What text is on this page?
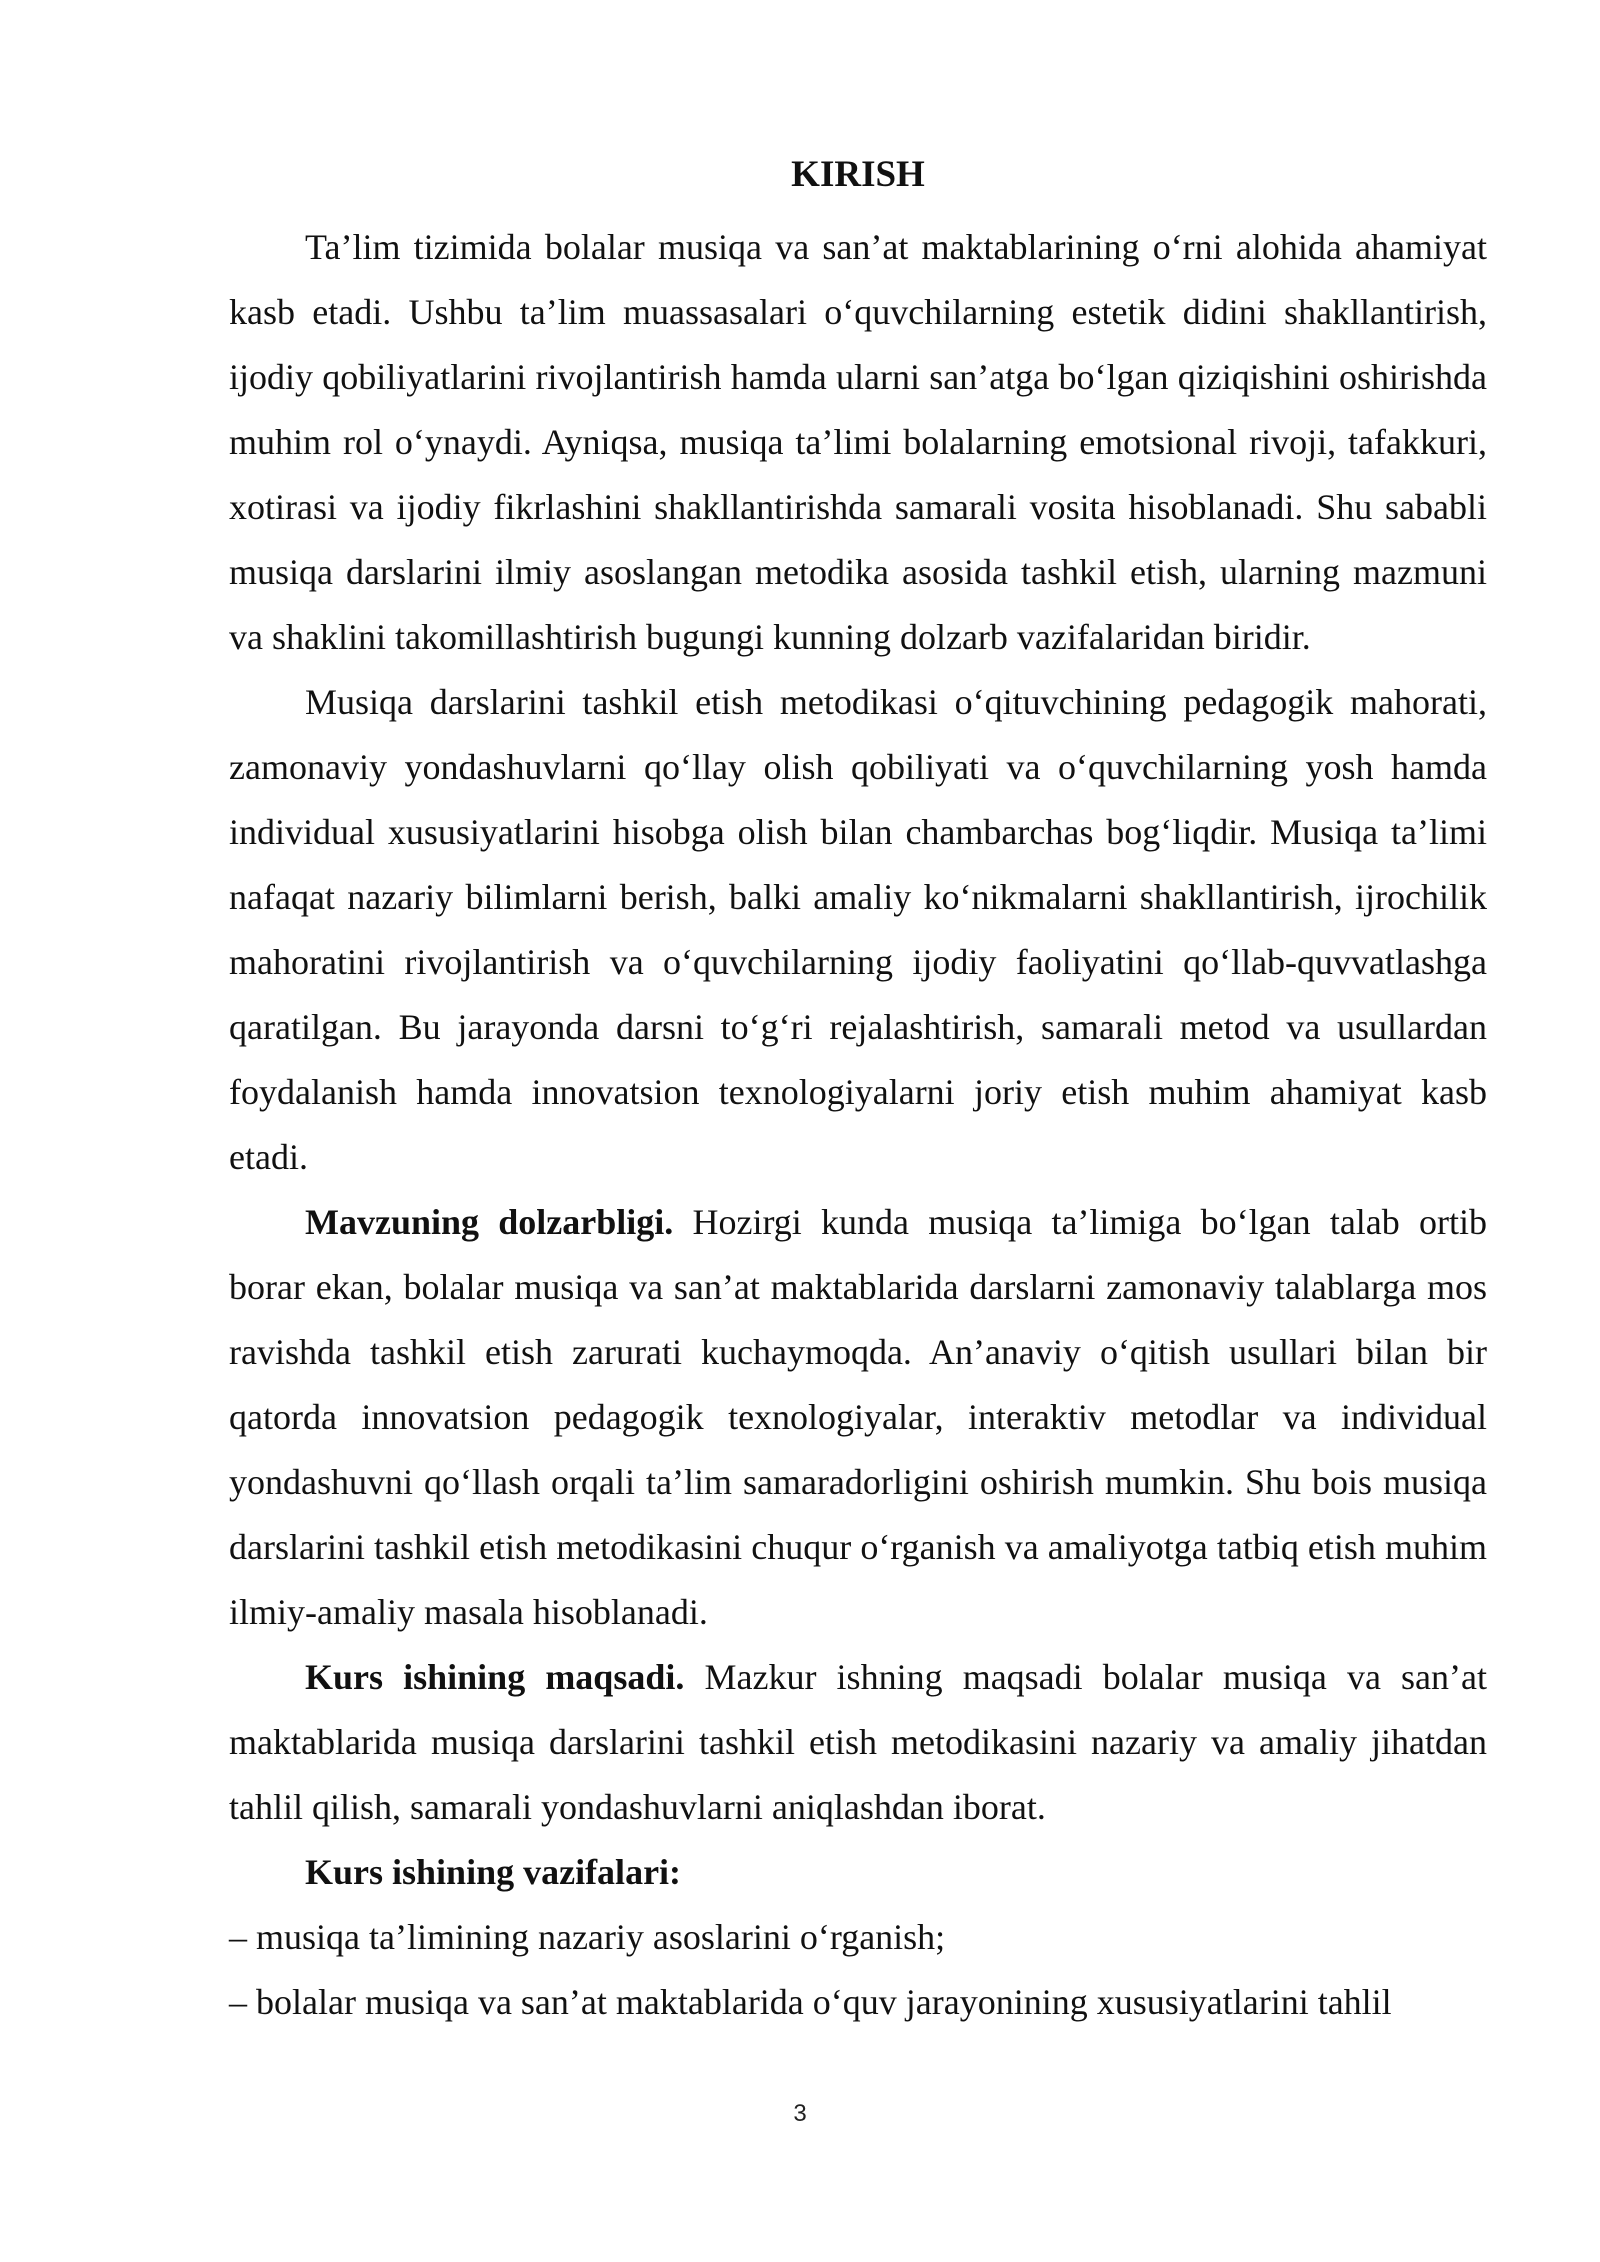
KIRISH

Ta’lim tizimida bolalar musiqa va san’at maktablarining o‘rni alohida ahamiyat kasb etadi. Ushbu ta’lim muassasalari o‘quvchilarning estetik didini shakllantirish, ijodiy qobiliyatlarini rivojlantirish hamda ularni san’atga bo‘lgan qiziqishini oshirishda muhim rol o‘ynaydi. Ayniqsa, musiqa ta’limi bolalarning emotsional rivoji, tafakkuri, xotirasi va ijodiy fikrlashini shakllantirishda samarali vosita hisoblanadi. Shu sababli musiqa darslarini ilmiy asoslangan metodika asosida tashkil etish, ularning mazmuni va shaklini takomillashtirish bugungi kunning dolzarb vazifalaridan biridir.

Musiqa darslarini tashkil etish metodikasi o‘qituvchining pedagogik mahorati, zamonaviy yondashuvlarni qo‘llay olish qobiliyati va o‘quvchilarning yosh hamda individual xususiyatlarini hisobga olish bilan chambarchas bog‘liqdir. Musiqa ta’limi nafaqat nazariy bilimlarni berish, balki amaliy ko‘nikmalarni shakllantirish, ijrochilik mahoratini rivojlantirish va o‘quvchilarning ijodiy faoliyatini qo‘llab-quvvatlashga qaratilgan. Bu jarayonda darsni to‘g‘ri rejalashtirish, samarali metod va usullardan foydalanish hamda innovatsion texnologiyalarni joriy etish muhim ahamiyat kasb etadi.

Mavzuning dolzarbligi. Hozirgi kunda musiqa ta’limiga bo‘lgan talab ortib borar ekan, bolalar musiqa va san’at maktablarida darslarni zamonaviy talablarga mos ravishda tashkil etish zarurati kuchaymoqda. An’anaviy o‘qitish usullari bilan bir qatorda innovatsion pedagogik texnologiyalar, interaktiv metodlar va individual yondashuvni qo‘llash orqali ta’lim samaradorligini oshirish mumkin. Shu bois musiqa darslarini tashkil etish metodikasini chuqur o‘rganish va amaliyotga tatbiq etish muhim ilmiy-amaliy masala hisoblanadi.

Kurs ishining maqsadi. Mazkur ishning maqsadi bolalar musiqa va san’at maktablarida musiqa darslarini tashkil etish metodikasini nazariy va amaliy jihatdan tahlil qilish, samarali yondashuvlarni aniqlashdan iborat.

Kurs ishining vazifalari:

– musiqa ta’limining nazariy asoslarini o‘rganish;
– bolalar musiqa va san’at maktablarida o‘quv jarayonining xususiyatlarini tahlil
3
